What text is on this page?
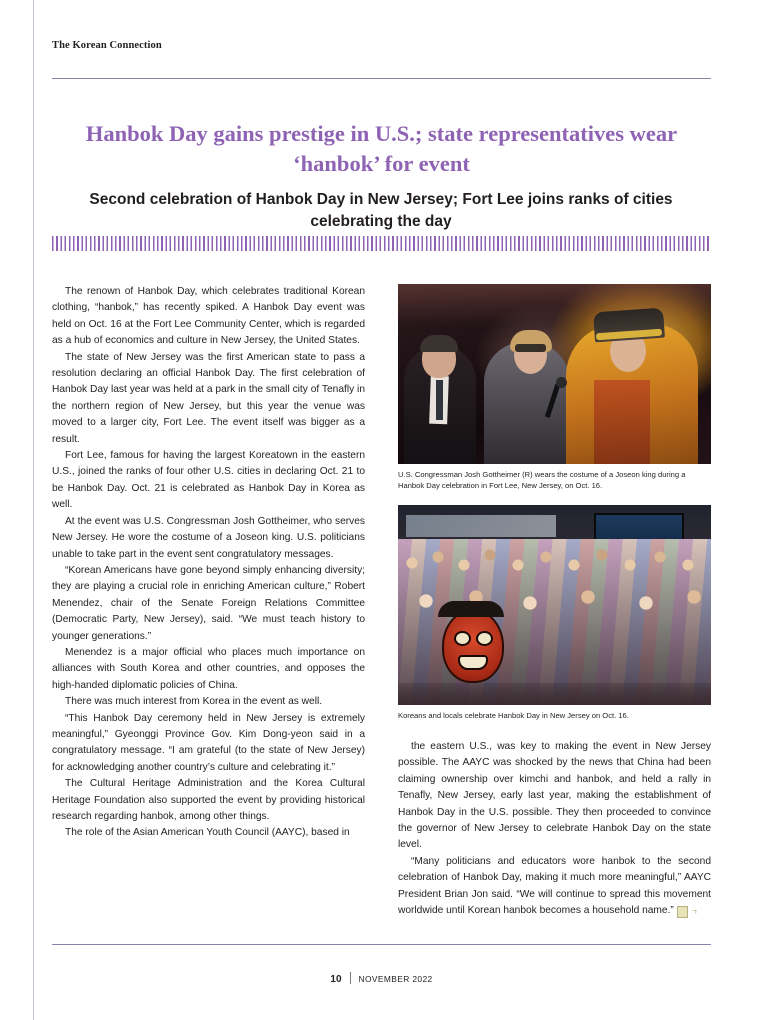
The Korean Connection
Hanbok Day gains prestige in U.S.; state representatives wear ‘hanbok’ for event
Second celebration of Hanbok Day in New Jersey; Fort Lee joins ranks of cities celebrating the day

The renown of Hanbok Day, which celebrates traditional Korean clothing, “hanbok,” has recently spiked. A Hanbok Day event was held on Oct. 16 at the Fort Lee Community Center, which is regarded as a hub of economics and culture in New Jersey, the United States.

The state of New Jersey was the first American state to pass a resolution declaring an official Hanbok Day. The first celebration of Hanbok Day last year was held at a park in the small city of Tenafly in the northern region of New Jersey, but this year the venue was moved to a larger city, Fort Lee. The event itself was bigger as a result.

Fort Lee, famous for having the largest Koreatown in the eastern U.S., joined the ranks of four other U.S. cities in declaring Oct. 21 to be Hanbok Day. Oct. 21 is celebrated as Hanbok Day in Korea as well.

At the event was U.S. Congressman Josh Gottheimer, who serves New Jersey. He wore the costume of a Joseon king. U.S. politicians unable to take part in the event sent congratulatory messages.

“Korean Americans have gone beyond simply enhancing diversity; they are playing a crucial role in enriching American culture,” Robert Menendez, chair of the Senate Foreign Relations Committee (Democratic Party, New Jersey), said. “We must teach history to younger generations.”

Menendez is a major official who places much importance on alliances with South Korea and other countries, and opposes the high-handed diplomatic policies of China.

There was much interest from Korea in the event as well.

“This Hanbok Day ceremony held in New Jersey is extremely meaningful,” Gyeonggi Province Gov. Kim Dong-yeon said in a congratulatory message. “I am grateful (to the state of New Jersey) for acknowledging another country’s culture and celebrating it.”

The Cultural Heritage Administration and the Korea Cultural Heritage Foundation also supported the event by providing historical research regarding hanbok, among other things.

The role of the Asian American Youth Council (AAYC), based in

U.S. Congressman Josh Gottheimer (R) wears the costume of a Joseon king during a Hanbok Day celebration in Fort Lee, New Jersey, on Oct. 16.
Koreans and locals celebrate Hanbok Day in New Jersey on Oct. 16.

the eastern U.S., was key to making the event in New Jersey possible. The AAYC was shocked by the news that China had been claiming ownership over kimchi and hanbok, and held a rally in Tenafly, New Jersey, early last year, making the establishment of Hanbok Day in the U.S. possible. They then proceeded to convince the governor of New Jersey to celebrate Hanbok Day on the state level.

“Many politicians and educators wore hanbok to the second celebration of Hanbok Day, making it much more meaningful,” AAYC President Brian Jon said. “We will continue to spread this movement worldwide until Korean hanbok becomes a household name.” ㄱ

10 NOVEMBER 2022
